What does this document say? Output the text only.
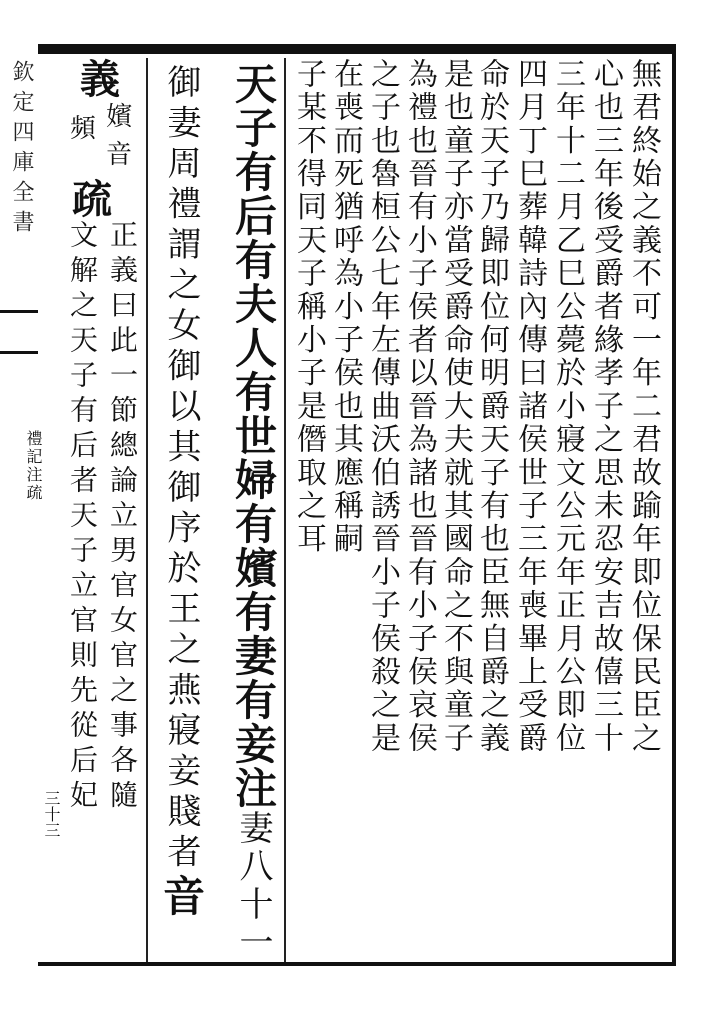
欽定四庫全書
禮記注疏
三十三
無君終始之義不可一年二君故踰年即位保民臣之
心也三年後受爵者緣孝子之思未忍安吉故僖三十
三年十二月乙巳公薨於小寢文公元年正月公即位
四月丁巳葬韓詩內傳曰諸侯世子三年喪畢上受爵
命於天子乃歸即位何明爵天子有也臣無自爵之義
是也童子亦當受爵命使大夫就其國命之不與童子
為禮也晉有小子侯者以晉為諸也晉有小子侯哀侯
之子也魯桓公七年左傳曲沃伯誘晉小子侯殺之是
在喪而死猶呼為小子侯也其應稱嗣
子某不得同天子稱小子是僭取之耳
天子有后有夫人有世婦有嬪有妻有妾注妻八十一
御妻周禮謂之女御以其御序於王之燕寢妾賤者音
義
嬪
音
頻
疏
正義曰此一節總論立男官女官之事各隨
文解之天子有后者天子立官則先從后妃
